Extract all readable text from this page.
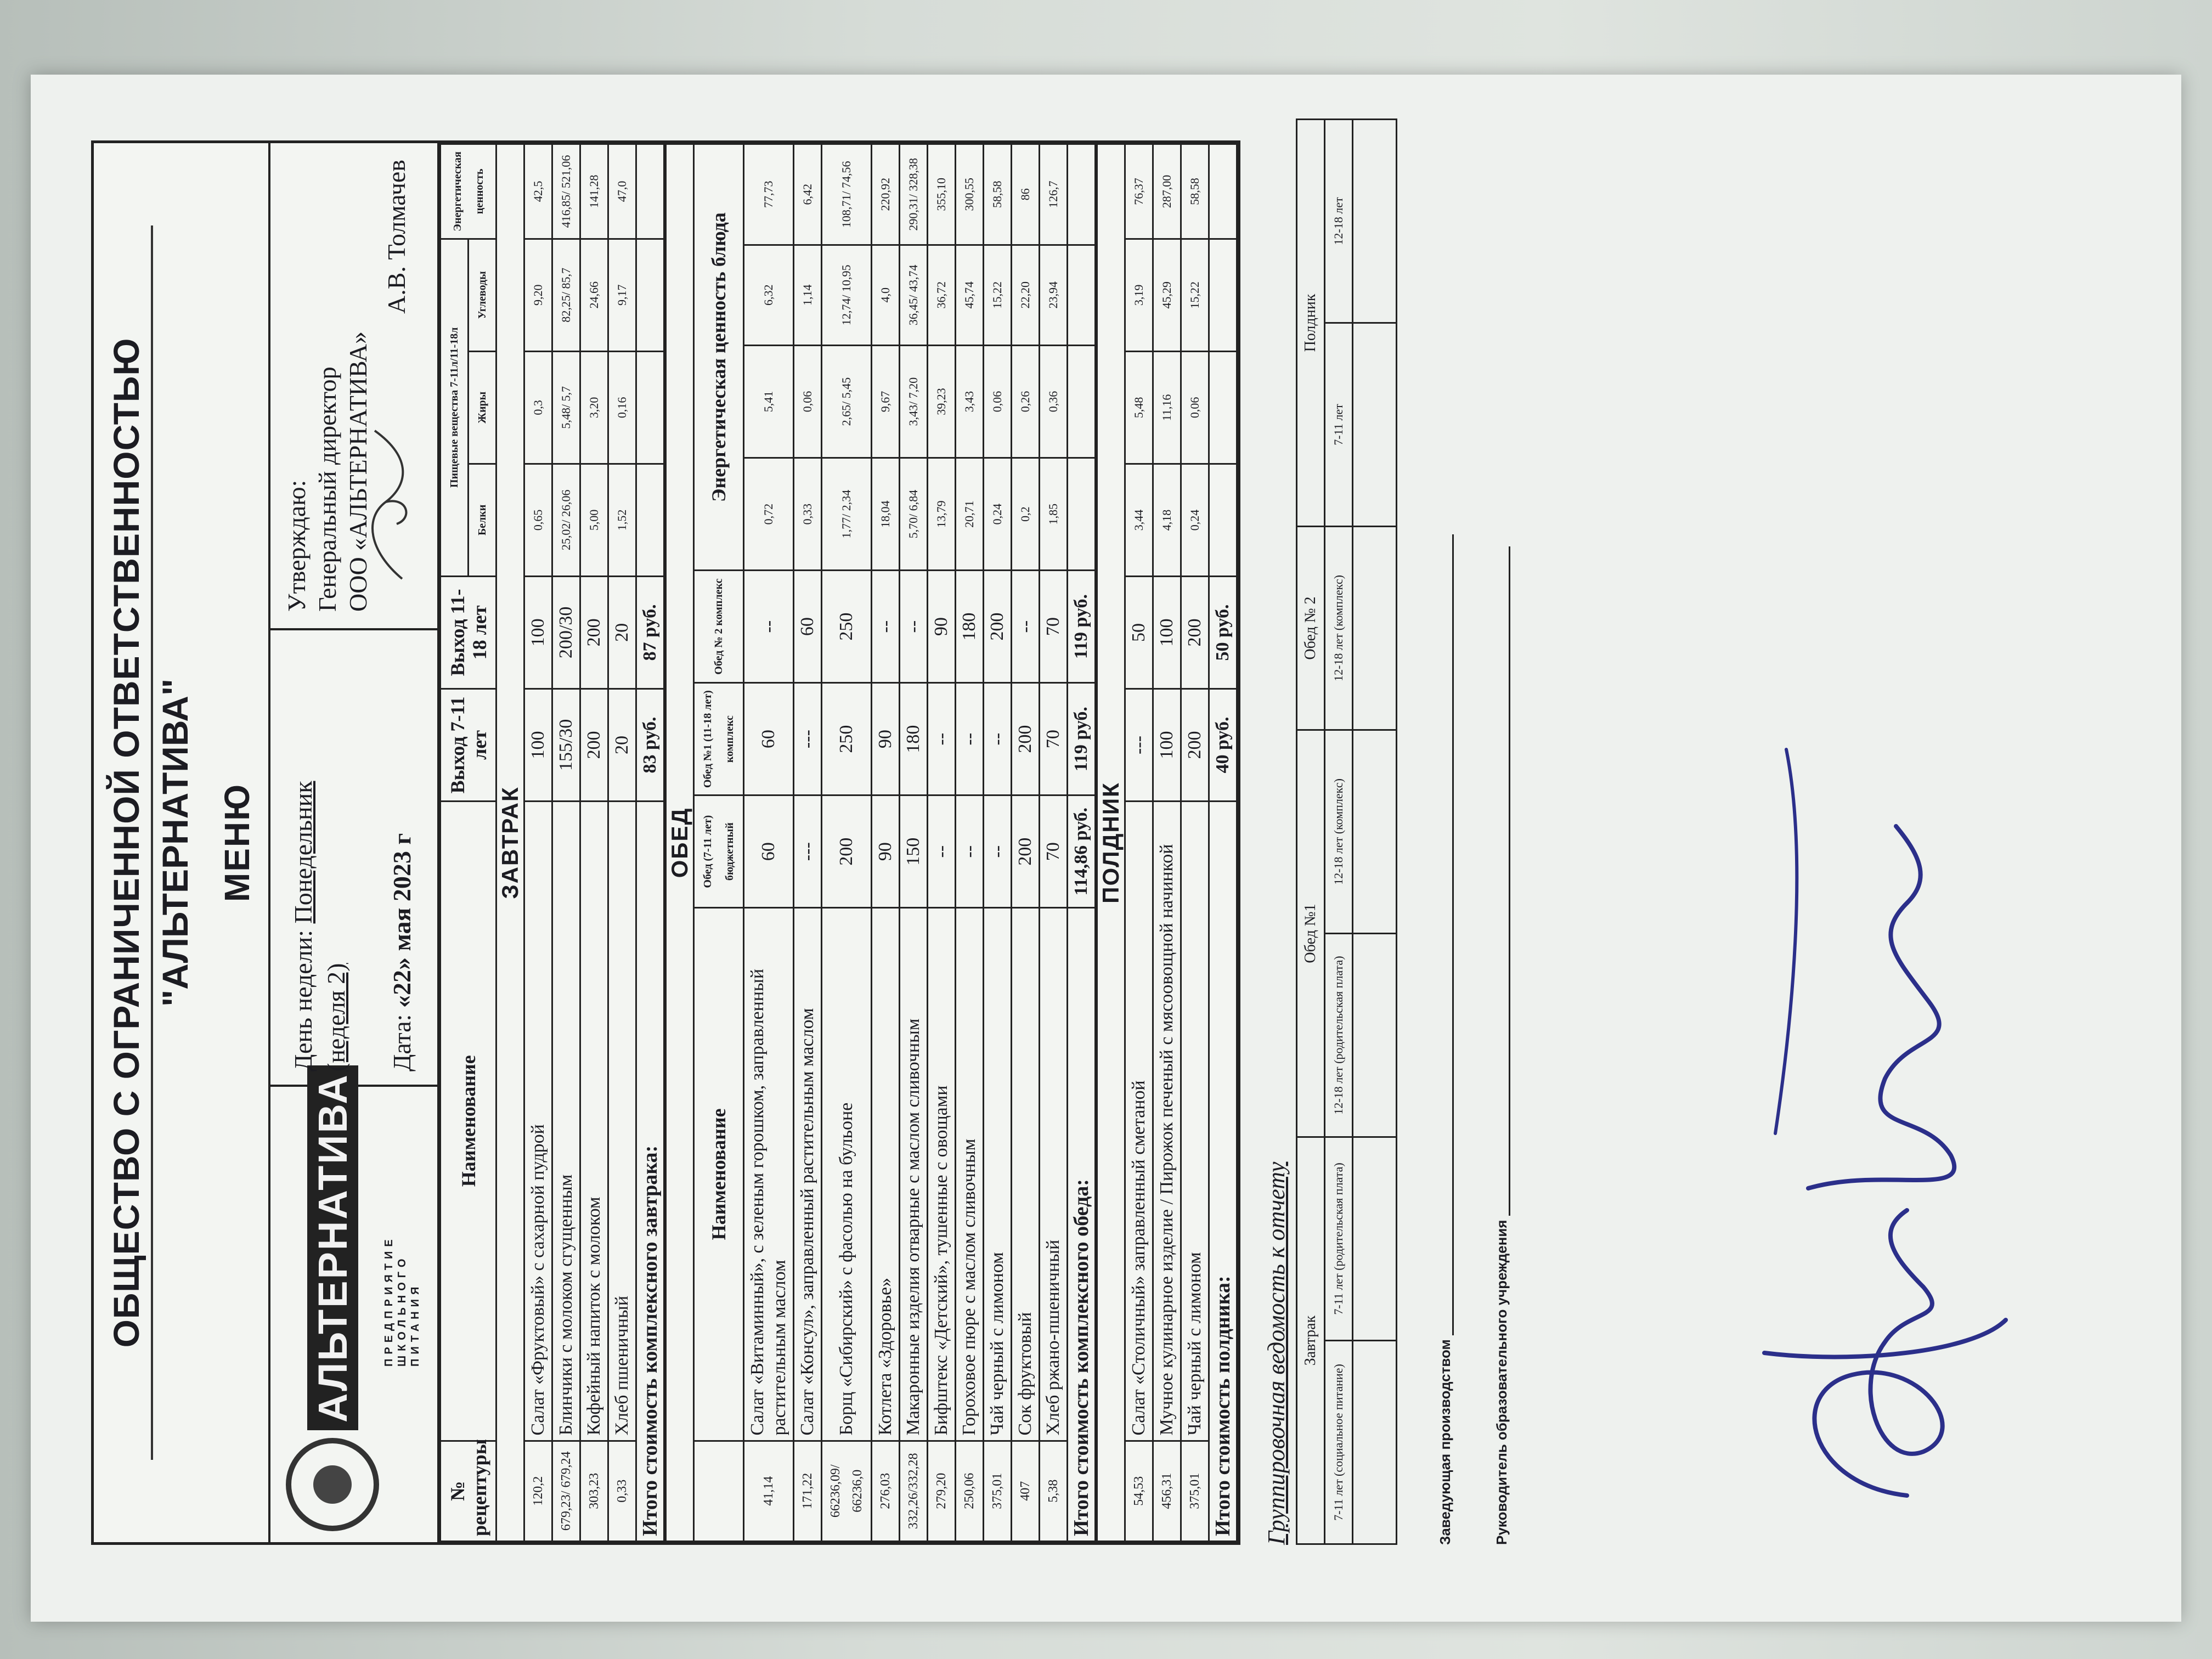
ОБЩЕСТВО С ОГРАНИЧЕННОЙ ОТВЕТСТВЕННОСТЬЮ "АЛЬТЕРНАТИВА" МЕНЮ
АЛЬТЕРНАТИВА	ПРЕДПРИЯТИЕ ШКОЛЬНОГО ПИТАНИЯ
День недели: Понедельник
(неделя 2) Дата: «22» мая 2023 г
Утверждаю: Генеральный директор ООО «АЛЬТЕРНАТИВА»
А.В. Толмачев
№ рецептуры	Наименование	Выход 7-11 лет	Выход 11-18 лет	Пищевые вещества 7-11л/11-18л			Энергетическая ценность
				Белки	Жиры	Углеводы	
ЗАВТРАК							
120,2	Салат «Фруктовый» с сахарной пудрой	100	100	0,65	0,3	9,20	42,5
679,23/ 679,24	Блинчики с молоком сгущенным	155/30	200/30	25,02/ 26,06	5,48/ 5,7	82,25/ 85,7	416,85/ 521,06
303,23	Кофейный напиток с молоком	200	200	5,00	3,20	24,66	141,28
0,33	Хлеб пшеничный	20	20	1,52	0,16	9,17	47,0
Итого стоимость комплексного завтрака:		83 руб.	87 руб.				
ОБЕД								
	Наименование	Обед (7-11 лет) бюджетный	Обед №1 (11-18 лет) комплекс	Обед № 2 комплекс	Энергетическая ценность блюда			
41,14	Салат «Витаминный», с зеленым горошком, заправленный растительным маслом	60	60	--	0,72	5,41	6,32	77,73
171,22	Салат «Консул», заправленный растительным маслом	---	---	60	0,33	0,06	1,14	6,42
66236,09/ 66236,0	Борщ «Сибирский» с фасолью на бульоне	200	250	250	1,77/ 2,34	2,65/ 5,45	12,74/ 10,95	108,71/ 74,56
276,03	Котлета «Здоровье»	90	90	--	18,04	9,67	4,0	220,92
332,26/332,28	Макаронные изделия отварные с маслом сливочным	150	180	--	5,70/ 6,84	3,43/ 7,20	36,45/ 43,74	290,31/ 328,38
279,20	Бифштекс «Детский», тушенные с овощами	--	--	90	13,79	39,23	36,72	355,10
250,06	Гороховое пюре с маслом сливочным	--	--	180	20,71	3,43	45,74	300,55
375,01	Чай черный с лимоном	--	--	200	0,24	0,06	15,22	58,58
407	Сок фруктовый	200	200	--	0,2	0,26	22,20	86
5,38	Хлеб ржано-пшеничный	70	70	70	1,85	0,36	23,94	126,7
Итого стоимость комплексного обеда:		114,86 руб.	119 руб.	119 руб.				
ПОЛДНИК							
54,53	Салат «Столичный» заправленный сметаной	---	50	3,44	5,48	3,19	76,37
456,31	Мучное кулинарное изделие / Пирожок печеный с мясоовощной начинкой	100	100	4,18	11,16	45,29	287,00
375,01	Чай черный с лимоном	200	200	0,24	0,06	15,22	58,58
Итого стоимость полдника:		40 руб.	50 руб.				
Группировочная ведомость к отчету Завтрак		Обед №1		Обед № 2	Полдник	
7-11 лет (социальное питание)	7-11 лет (родительская плата)	12-18 лет (родительская плата)	12-18 лет (комплекс)	12-18 лет (комплекс)	7-11 лет	12-18 лет

Заведующая производством	Руководитель образовательного учреждения
